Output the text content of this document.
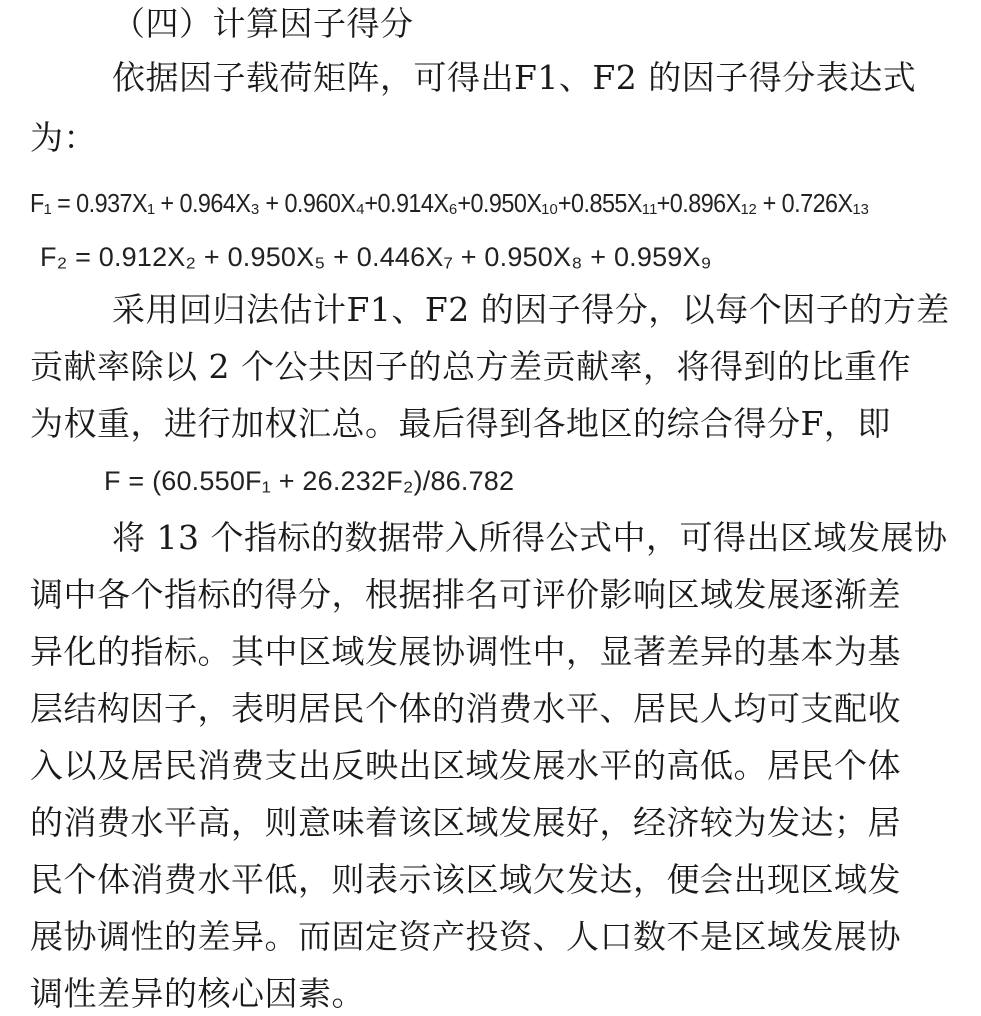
（四）计算因子得分
依据因子载荷矩阵，可得出F1、F2 的因子得分表达式
为：
F₁ = 0.937X₁ + 0.964X₃ + 0.960X₄+0.914X₆+0.950X₁₀+0.855X₁₁+0.896X₁₂ + 0.726X₁₃
F₂ = 0.912X₂ + 0.950X₅ + 0.446X₇ + 0.950X₈ + 0.959X₉
采用回归法估计F1、F2 的因子得分，以每个因子的方差
贡献率除以 2 个公共因子的总方差贡献率，将得到的比重作
为权重，进行加权汇总。最后得到各地区的综合得分F，即
F = (60.550F₁ + 26.232F₂)/86.782
将 13 个指标的数据带入所得公式中，可得出区域发展协
调中各个指标的得分，根据排名可评价影响区域发展逐渐差
异化的指标。其中区域发展协调性中，显著差异的基本为基
层结构因子，表明居民个体的消费水平、居民人均可支配收
入以及居民消费支出反映出区域发展水平的高低。居民个体
的消费水平高，则意味着该区域发展好，经济较为发达；居
民个体消费水平低，则表示该区域欠发达，便会出现区域发
展协调性的差异。而固定资产投资、人口数不是区域发展协
调性差异的核心因素。
